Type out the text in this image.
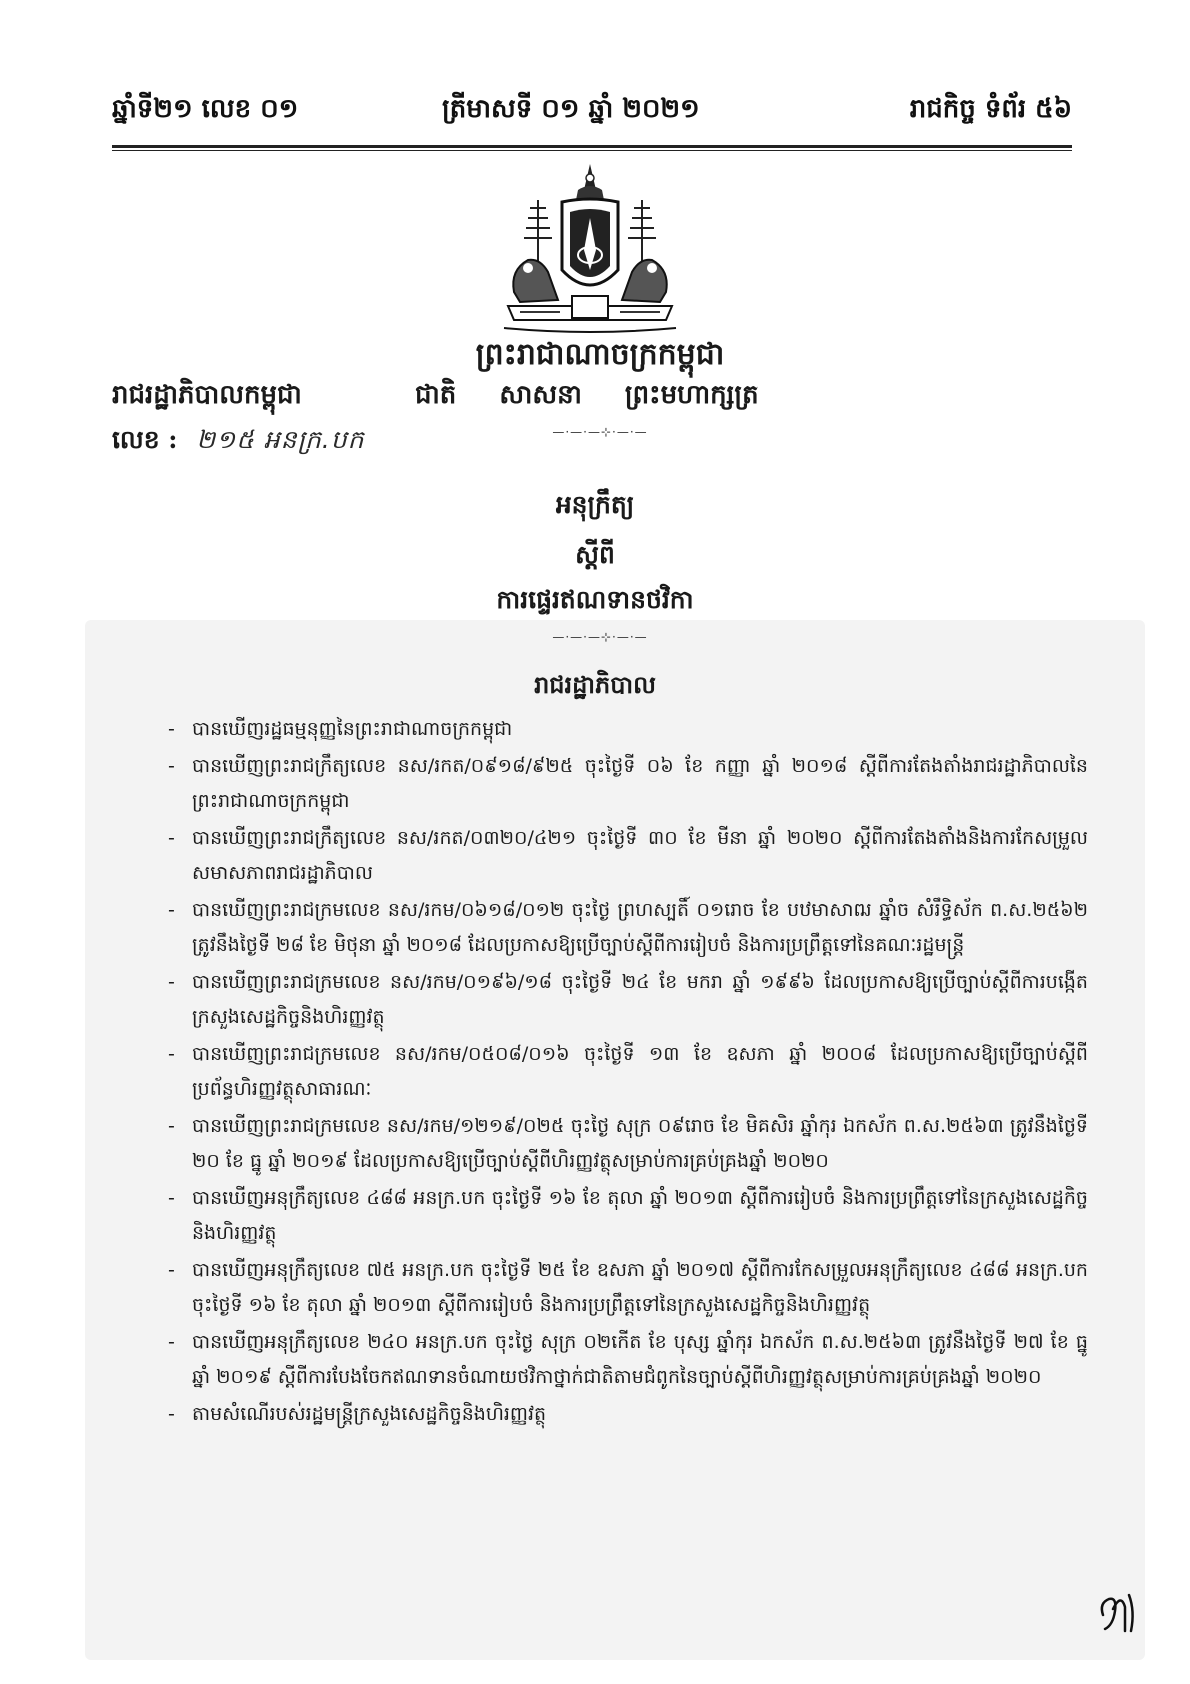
ឆ្នាំទី២១ លេខ ០១	ត្រីមាសទី ០១ ឆ្នាំ ២០២១	រាជកិច្ច ទំព័រ ៥៦
ព្រះរាជាណាចក្រកម្ពុជា
រាជរដ្ឋាភិបាលកម្ពុជា	ជាតិ សាសនា ព្រះមហាក្សត្រ
—·—·—⊹·—·—
លេខ : ២១៥ អនក្រ.បក
អនុក្រឹត្យ
ស្តីពី
ការផ្ទេរឥណទានថវិកា
—·—·—⊹·—·—
រាជរដ្ឋាភិបាល
- បានឃើញរដ្ឋធម្មនុញ្ញនៃព្រះរាជាណាចក្រកម្ពុជា
- បានឃើញព្រះរាជក្រឹត្យលេខ នស/រកត/០៩១៨/៩២៥ ចុះថ្ងៃទី ០៦ ខែ កញ្ញា ឆ្នាំ ២០១៨ ស្តីពីការតែងតាំងរាជរដ្ឋាភិបាលនៃព្រះរាជាណាចក្រកម្ពុជា
- បានឃើញព្រះរាជក្រឹត្យលេខ នស/រកត/០៣២០/៤២១ ចុះថ្ងៃទី ៣០ ខែ មីនា ឆ្នាំ ២០២០ ស្តីពីការតែងតាំងនិងការកែសម្រួលសមាសភាពរាជរដ្ឋាភិបាល
- បានឃើញព្រះរាជក្រមលេខ នស/រកម/០៦១៨/០១២ ចុះថ្ងៃ ព្រហស្បតិ៍ ០១រោច ខែ បឋមាសាឍ ឆ្នាំច សំរឹទ្ធិស័ក ព.ស.២៥៦២ ត្រូវនឹងថ្ងៃទី ២៨ ខែ មិថុនា ឆ្នាំ ២០១៨ ដែលប្រកាសឱ្យប្រើច្បាប់ស្តីពីការរៀបចំ និងការប្រព្រឹត្តទៅនៃគណៈរដ្ឋមន្ត្រី
- បានឃើញព្រះរាជក្រមលេខ នស/រកម/០១៩៦/១៨ ចុះថ្ងៃទី ២៤ ខែ មករា ឆ្នាំ ១៩៩៦ ដែលប្រកាសឱ្យប្រើច្បាប់ស្តីពីការបង្កើតក្រសួងសេដ្ឋកិច្ចនិងហិរញ្ញវត្ថុ
- បានឃើញព្រះរាជក្រមលេខ នស/រកម/០៥០៨/០១៦ ចុះថ្ងៃទី ១៣ ខែ ឧសភា ឆ្នាំ ២០០៨ ដែលប្រកាសឱ្យប្រើច្បាប់ស្តីពីប្រព័ន្ធហិរញ្ញវត្ថុសាធារណៈ
- បានឃើញព្រះរាជក្រមលេខ នស/រកម/១២១៩/០២៥ ចុះថ្ងៃ សុក្រ ០៩រោច ខែ មិគសិរ ឆ្នាំកុរ ឯកស័ក ព.ស.២៥៦៣ ត្រូវនឹងថ្ងៃទី ២០ ខែ ធ្នូ ឆ្នាំ ២០១៩ ដែលប្រកាសឱ្យប្រើច្បាប់ស្តីពីហិរញ្ញវត្ថុសម្រាប់ការគ្រប់គ្រងឆ្នាំ ២០២០
- បានឃើញអនុក្រឹត្យលេខ ៤៨៨ អនក្រ.បក ចុះថ្ងៃទី ១៦ ខែ តុលា ឆ្នាំ ២០១៣ ស្តីពីការរៀបចំ និងការប្រព្រឹត្តទៅនៃក្រសួងសេដ្ឋកិច្ចនិងហិរញ្ញវត្ថុ
- បានឃើញអនុក្រឹត្យលេខ ៧៥ អនក្រ.បក ចុះថ្ងៃទី ២៥ ខែ ឧសភា ឆ្នាំ ២០១៧ ស្តីពីការកែសម្រួលអនុក្រឹត្យលេខ ៤៨៨ អនក្រ.បក ចុះថ្ងៃទី ១៦ ខែ តុលា ឆ្នាំ ២០១៣ ស្តីពីការរៀបចំ និងការប្រព្រឹត្តទៅនៃក្រសួងសេដ្ឋកិច្ចនិងហិរញ្ញវត្ថុ
- បានឃើញអនុក្រឹត្យលេខ ២៤០ អនក្រ.បក ចុះថ្ងៃ សុក្រ ០២កើត ខែ បុស្ស ឆ្នាំកុរ ឯកស័ក ព.ស.២៥៦៣ ត្រូវនឹងថ្ងៃទី ២៧ ខែ ធ្នូ ឆ្នាំ ២០១៩ ស្តីពីការបែងចែកឥណទានចំណាយថវិកាថ្នាក់ជាតិតាមជំពូកនៃច្បាប់ស្តីពីហិរញ្ញវត្ថុសម្រាប់ការគ្រប់គ្រងឆ្នាំ ២០២០
- តាមសំណើរបស់រដ្ឋមន្ត្រីក្រសួងសេដ្ឋកិច្ចនិងហិរញ្ញវត្ថុ
